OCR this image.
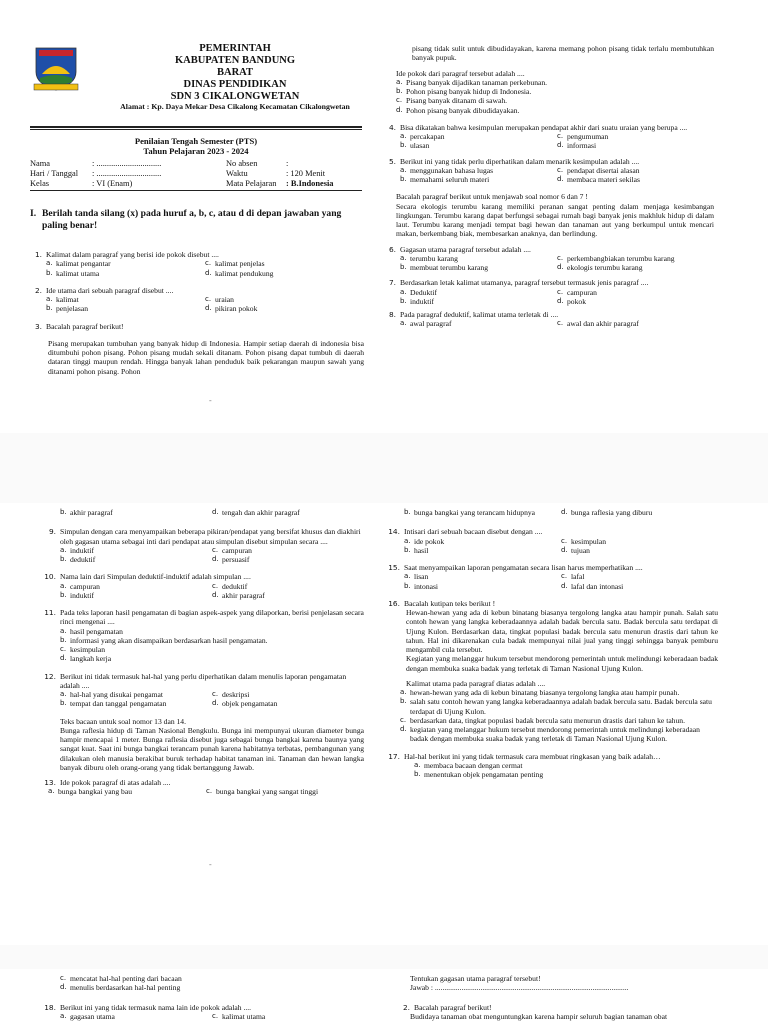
PEMERINTAH
KABUPATEN BANDUNG
BARAT
DINAS PENDIDIKAN
SDN 3 CIKALONGWETAN
Alamat : Kp. Daya Mekar Desa Cikalong Kecamatan Cikalongwetan
Penilaian Tengah Semester (PTS)
Tahun Pelajaran 2023 - 2024
Nama	: ...............................	No absen	:
Hari / Tanggal	: ...............................	Waktu	: 120 Menit
Kelas	: VI (Enam)	Mata Pelajaran	: B.Indonesia
I. Berilah tanda silang (x) pada huruf a, b, c, atau d di depan jawaban yang paling benar!
1. Kalimat dalam paragraf yang berisi ide pokok disebut ....
a. kalimat pengantar	c. kalimat penjelas
b. kalimat utama	d. kalimat pendukung
2. Ide utama dari sebuah paragraf disebut ....
a. kalimat	c. uraian
b. penjelasan	d. pikiran pokok
3. Bacalah paragraf berikut!
Pisang merupakan tumbuhan yang banyak hidup di Indonesia. Hampir setiap daerah di indonesia bisa ditumbuhi pohon pisang. Pohon pisang mudah sekali ditanam. Pohon pisang dapat tumbuh di daerah dataran tinggi maupun rendah. Hingga banyak lahan penduduk baik pekarangan maupun sawah yang ditanami pohon pisang. Pohon
-
pisang tidak sulit untuk dibudidayakan, karena memang pohon pisang tidak terlalu membutuhkan banyak pupuk.
Ide pokok dari paragraf tersebut adalah ....
a. Pisang banyak dijadikan tanaman perkebunan.
b. Pohon pisang banyak hidup di Indonesia.
c. Pisang banyak ditanam di sawah.
d. Pohon pisang banyak dibudidayakan.
4. Bisa dikatakan bahwa kesimpulan merupakan pendapat akhir dari suatu uraian yang berupa ....
a. percakapan	c. pengumuman
b. ulasan	d. informasi
5. Berikut ini yang tidak perlu diperhatikan dalam menarik kesimpulan adalah ....
a. menggunakan bahasa lugas	c. pendapat disertai alasan
b. memahami seluruh materi	d. membaca materi sekilas
Bacalah paragraf berikut untuk menjawab soal nomor 6 dan 7 !
Secara ekologis terumbu karang memiliki peranan sangat penting dalam menjaga kesimbangan lingkungan. Terumbu karang dapat berfungsi sebagai rumah bagi banyak jenis makhluk hidup di dalam laut. Terumbu karang menjadi tempat bagi hewan dan tanaman aut yang berkumpul untuk mencari makan, berkembang biak, membesarkan anaknya, dan berlindung.
6. Gagasan utama paragraf tersebut adalah ....
a. terumbu karang	c. perkembangbiakan terumbu karang
b. membuat terumbu karang	d. ekologis terumbu karang
7. Berdasarkan letak kalimat utamanya, paragraf tersebut termasuk jenis paragraf ....
a. Deduktif	c. campuran
b. induktif	d. pokok
8. Pada paragraf deduktif, kalimat utama terletak di ....
a. awal paragraf	c. awal dan akhir paragraf
b. akhir paragraf	d. tengah dan akhir paragraf
9. Simpulan dengan cara menyampaikan beberapa pikiran/pendapat yang bersifat khusus dan diakhiri oleh gagasan utama sebagai inti dari pendapat atau simpulan disebut simpulan secara ....
a. induktif	c. campuran
b. deduktif	d. persuasif
10. Nama lain dari Simpulan deduktif-induktif adalah simpulan ....
a. campuran	c. deduktif
b. induktif	d. akhir paragraf
11. Pada teks laporan hasil pengamatan di bagian aspek-aspek yang dilaporkan, berisi penjelasan secara rinci mengenai ....
a. hasil pengamatan
b. informasi yang akan disampaikan berdasarkan hasil pengamatan.
c. kesimpulan
d. langkah kerja
12. Berikut ini tidak termasuk hal-hal yang perlu diperhatikan dalam menulis laporan pengamatan adalah ....
a. hal-hal yang disukai pengamat	c. deskripsi
b. tempat dan tanggal pengamatan	d. objek pengamatan
Teks bacaan untuk soal nomor 13 dan 14.
Bunga raflesia hidup di Taman Nasional Bengkulu. Bunga ini mempunyai ukuran diameter bunga hampir mencapai 1 meter. Bunga raflesia disebut juga sebagai bunga bangkai karena baunya yang sangat kuat. Saat ini bunga bangkai terancam punah karena habitatnya terbatas, pembangunan yang dilakukan oleh manusia berakibat buruk terhadap habitat tanaman ini. Tanaman dan hewan langka banyak diburu oleh orang-orang yang tidak bertanggung Jawab.
13. Ide pokok paragraf di atas adalah ....
a. bunga bangkai yang bau	c. bunga bangkai yang sangat tinggi
-
b. bunga bangkai yang terancam hidupnya	d. bunga raflesia yang diburu
14. Intisari dari sebuah bacaan disebut dengan ....
a. ide pokok	c. kesimpulan
b. hasil	d. tujuan
15. Saat menyampaikan laporan pengamatan secara lisan harus memperhatikan ....
a. lisan	c. lafal
b. intonasi	d. lafal dan intonasi
16. Bacalah kutipan teks berikut !
Hewan-hewan yang ada di kebun binatang biasanya tergolong langka atau hampir punah. Salah satu contoh hewan yang langka keberadaannya adalah badak bercula satu. Badak bercula satu terdapat di Ujung Kulon. Berdasarkan data, tingkat populasi badak bercula satu menurun drastis dari tahun ke tahun. Hal ini dikarenakan cula badak mempunyai nilai jual yang tinggi sehingga banyak pemburu mengambil cula tersebut.
Kegiatan yang melanggar hukum tersebut mendorong pemerintah untuk melindungi keberadaan badak dengan membuka suaka badak yang terletak di Taman Nasional Ujung Kulon.
Kalimat utama pada paragraf diatas adalah ....
a. hewan-hewan yang ada di kebun binatang biasanya tergolong langka atau hampir punah.
b. salah satu contoh hewan yang langka keberadaannya adalah badak bercula satu. Badak bercula satu terdapat di Ujung Kulon.
c. berdasarkan data, tingkat populasi badak bercula satu menurun drastis dari tahun ke tahun.
d. kegiatan yang melanggar hukum tersebut mendorong pemerintah untuk melindungi keberadaan badak dengan membuka suaka badak yang terletak di Taman Nasional Ujung Kulon.
17. Hal-hal berikut ini yang tidak termasuk cara membuat ringkasan yang baik adalah…
a. membaca bacaan dengan cermat
b. menentukan objek pengamatan penting
c. mencatat hal-hal penting dari bacaan
d. menulis berdasarkan hal-hal penting
18. Berikut ini yang tidak termasuk nama lain ide pokok adalah ....
a. gagasan utama	c. kalimat utama
Tentukan gagasan utama paragraf tersebut!
Jawab : ......................................................................................................
2. Bacalah paragraf berikut!
Budidaya tanaman obat menguntungkan karena hampir seluruh bagian tanaman obat
